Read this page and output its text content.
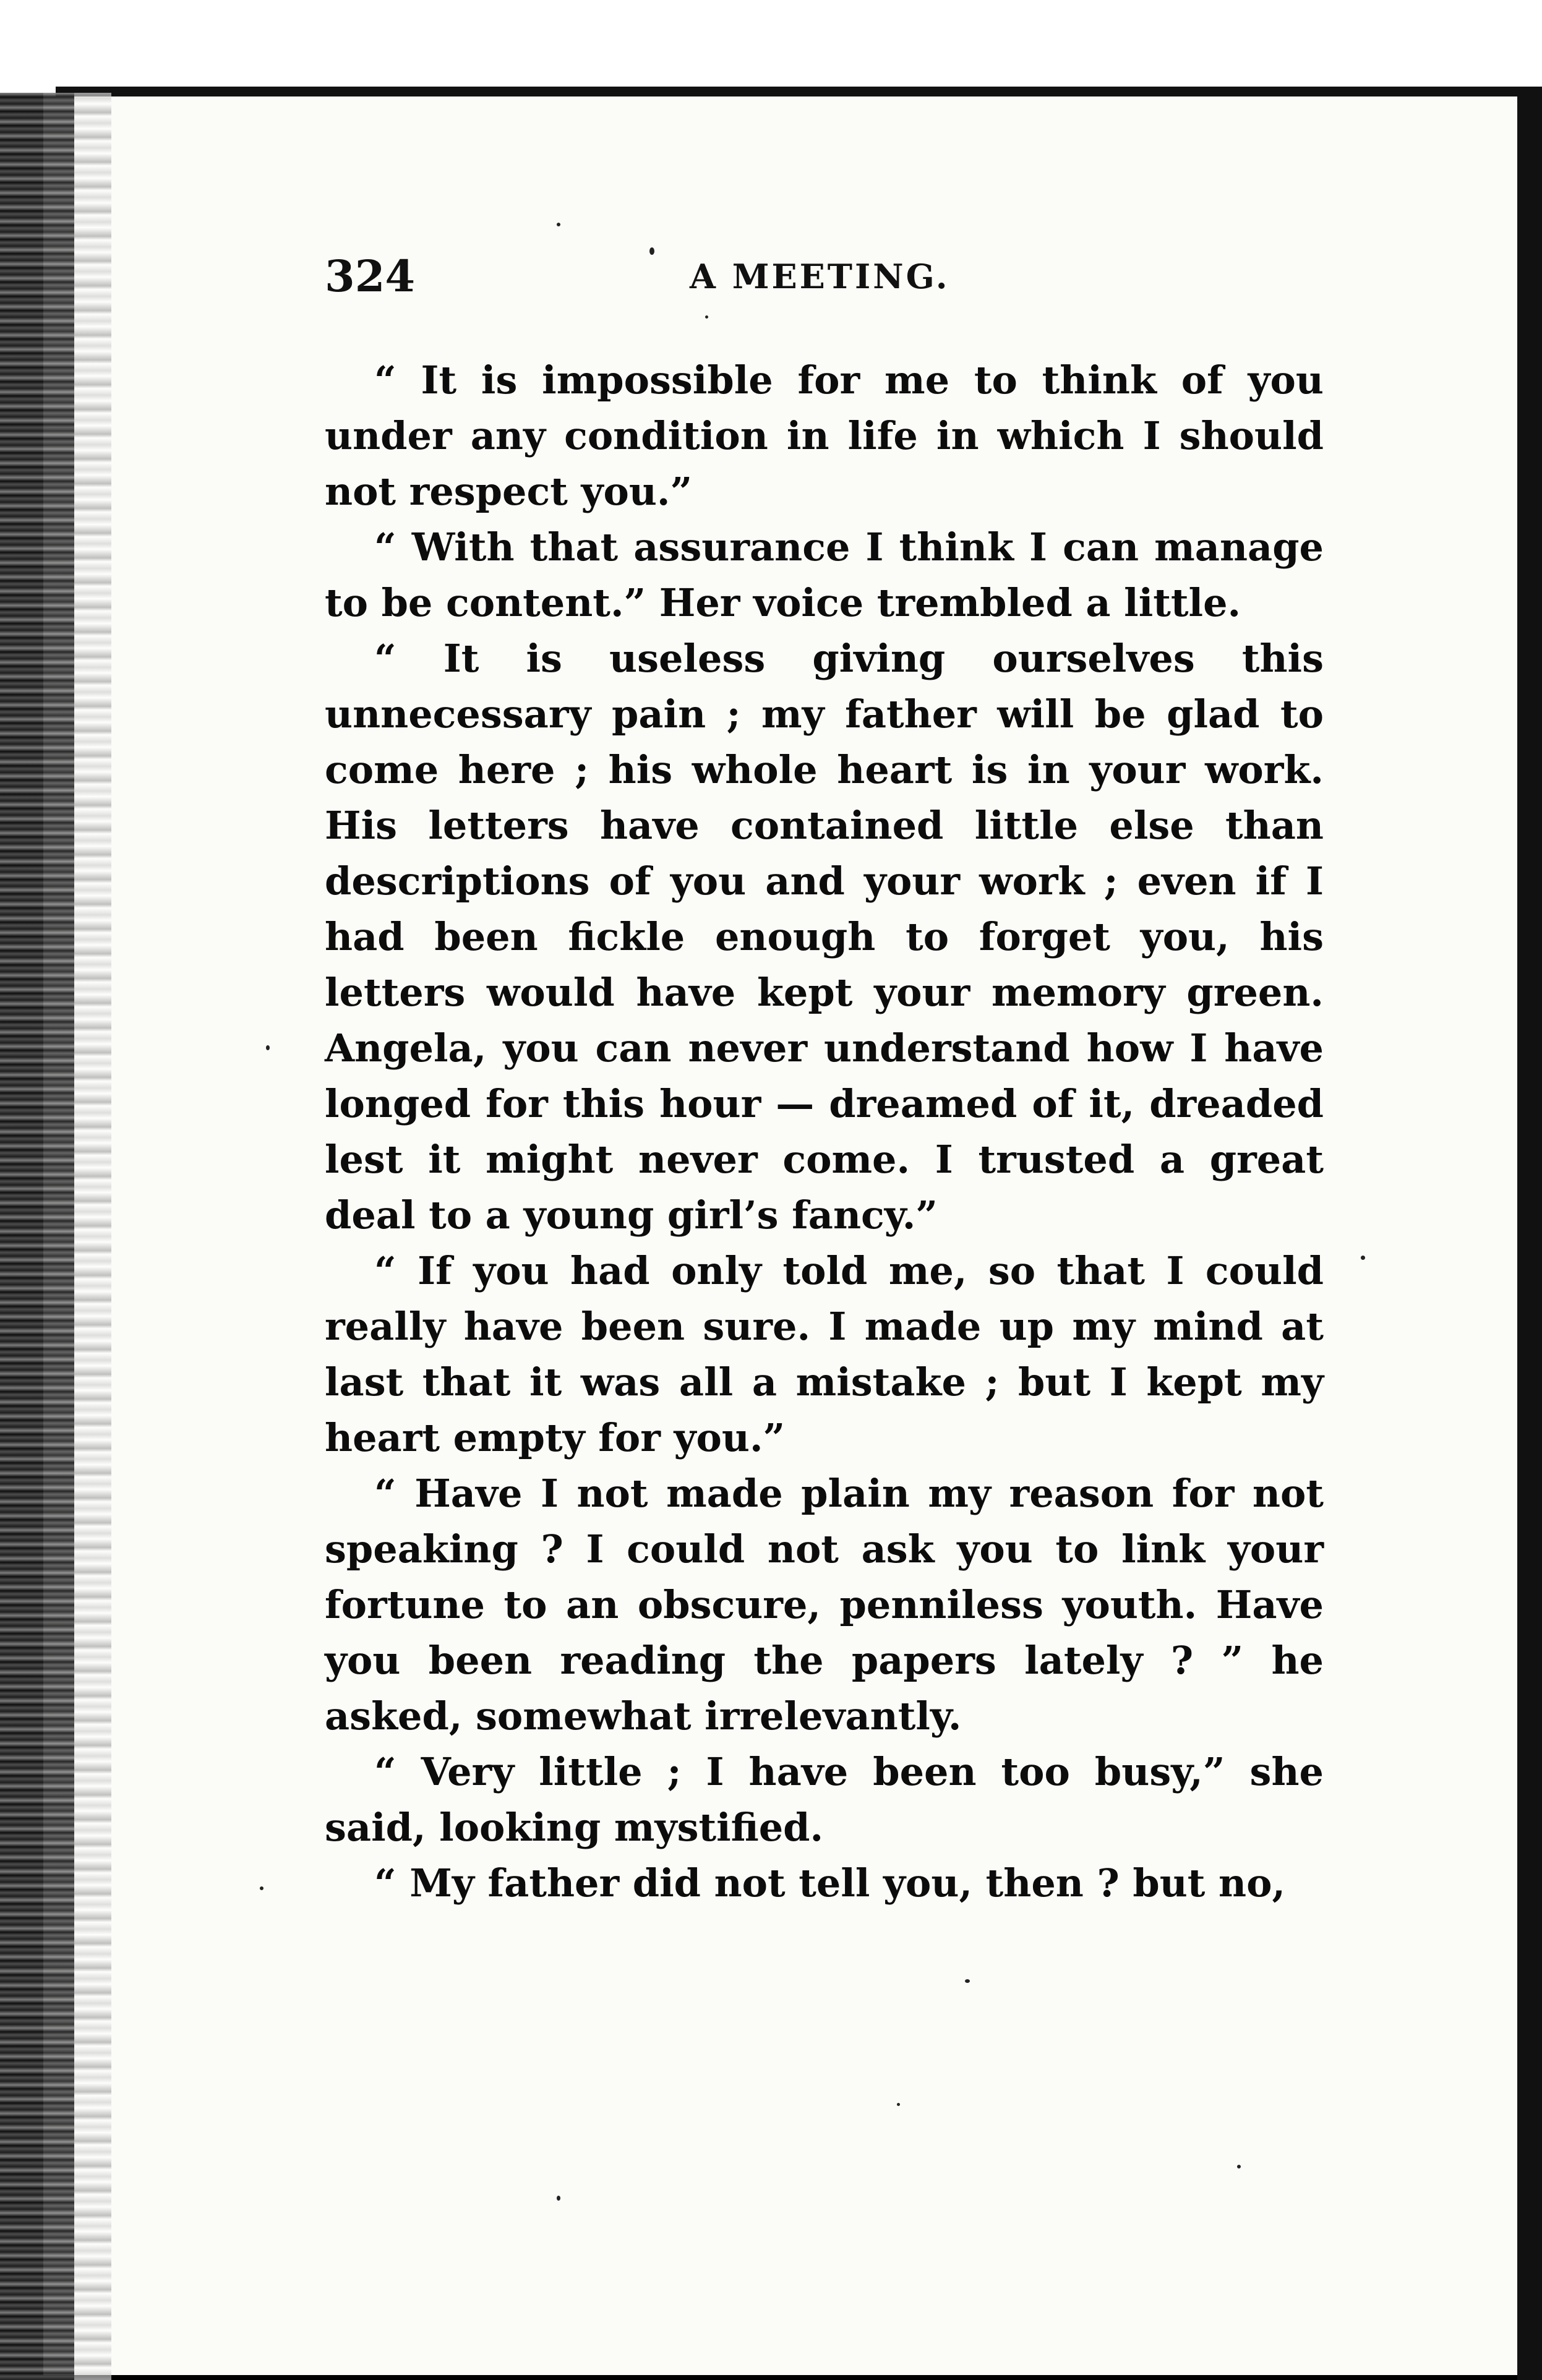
324	A MEETING.

“ It is impossible for me to think of you under any condition in life in which I should not respect you.”

“ With that assurance I think I can manage to be content.” Her voice trembled a little.

“ It is useless giving ourselves this unnecessary pain ; my father will be glad to come here ; his whole heart is in your work. His letters have contained little else than descriptions of you and your work ; even if I had been fickle enough to forget you, his letters would have kept your memory green. Angela, you can never understand how I have longed for this hour — dreamed of it, dreaded lest it might never come. I trusted a great deal to a young girl’s fancy.”

“ If you had only told me, so that I could really have been sure. I made up my mind at last that it was all a mistake ; but I kept my heart empty for you.”

“ Have I not made plain my reason for not speaking ? I could not ask you to link your fortune to an obscure, penniless youth. Have you been reading the papers lately ? ” he asked, somewhat irrelevantly.

“ Very little ; I have been too busy,” she said, looking mystified.

“ My father did not tell you, then ? but no,
